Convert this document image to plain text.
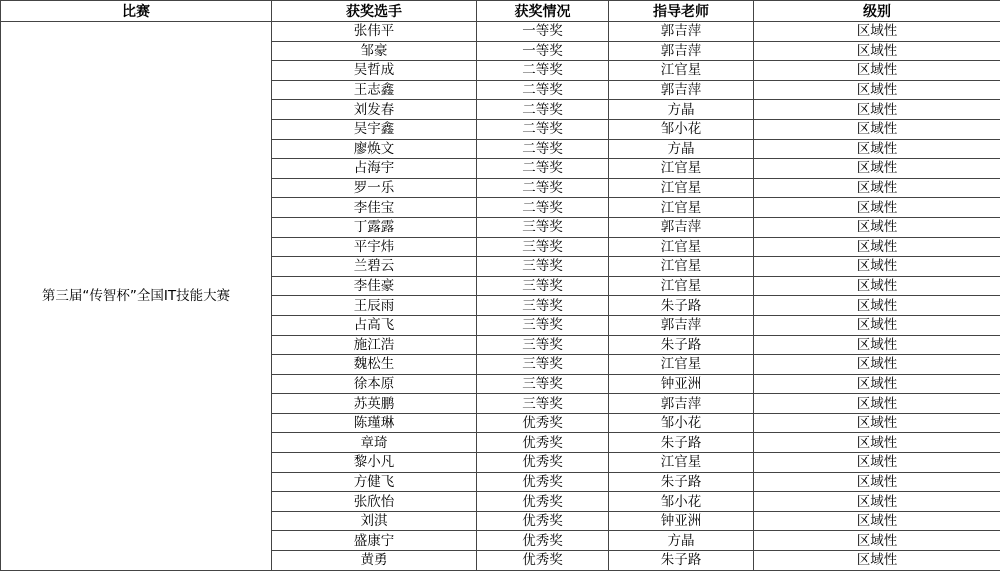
比赛	获奖选手	获奖情况	指导老师	级别
第三届“传智杯”全国IT技能大赛	张伟平	一等奖	郭吉萍	区域性
	邹豪	一等奖	郭吉萍	区域性
	吴哲成	二等奖	江官星	区域性
	王志鑫	二等奖	郭吉萍	区域性
	刘发春	二等奖	方晶	区域性
	吴宇鑫	二等奖	邹小花	区域性
	廖焕文	二等奖	方晶	区域性
	占海宇	二等奖	江官星	区域性
	罗一乐	二等奖	江官星	区域性
	李佳宝	二等奖	江官星	区域性
	丁露露	三等奖	郭吉萍	区域性
	平宇炜	三等奖	江官星	区域性
	兰碧云	三等奖	江官星	区域性
	李佳豪	三等奖	江官星	区域性
	王辰雨	三等奖	朱子路	区域性
	占高飞	三等奖	郭吉萍	区域性
	施江浩	三等奖	朱子路	区域性
	魏松生	三等奖	江官星	区域性
	徐本原	三等奖	钟亚洲	区域性
	苏英鹏	三等奖	郭吉萍	区域性
	陈瑾琳	优秀奖	邹小花	区域性
	章琦	优秀奖	朱子路	区域性
	黎小凡	优秀奖	江官星	区域性
	方健飞	优秀奖	朱子路	区域性
	张欣怡	优秀奖	邹小花	区域性
	刘淇	优秀奖	钟亚洲	区域性
	盛康宁	优秀奖	方晶	区域性
	黄勇	优秀奖	朱子路	区域性
